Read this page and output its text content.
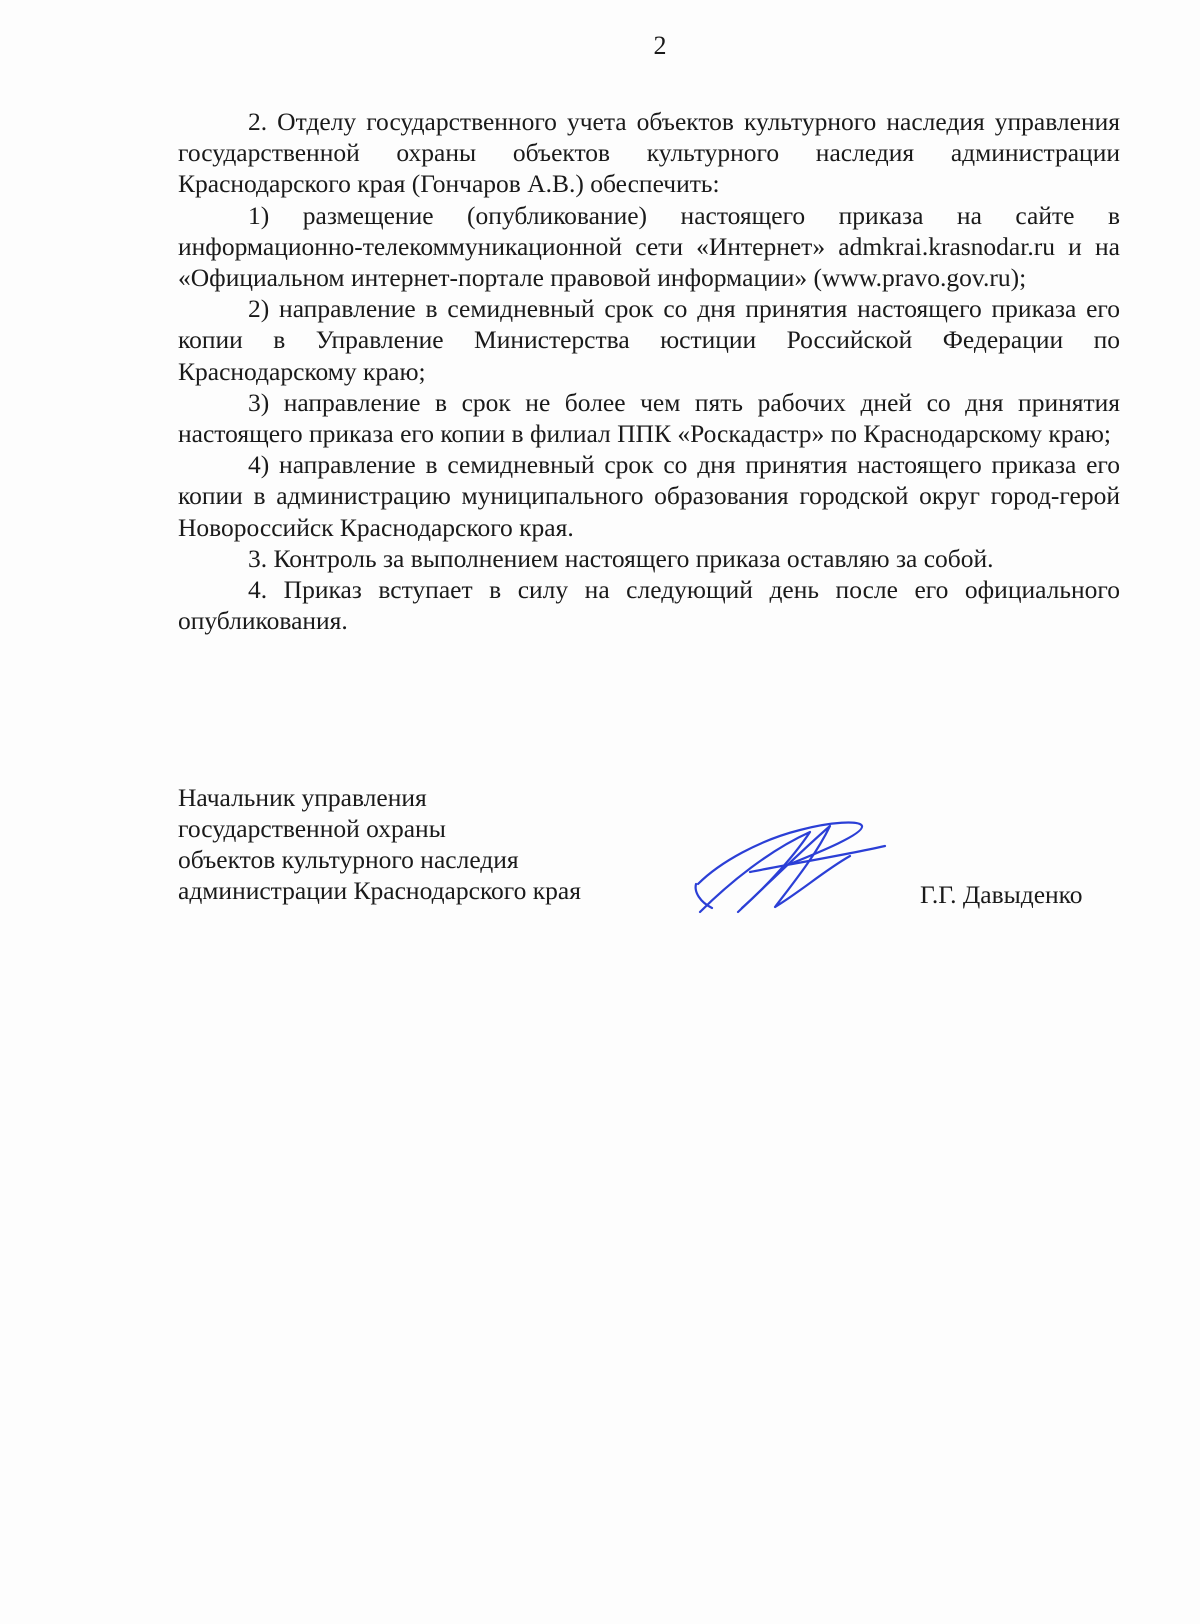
2

2. Отделу государственного учета объектов культурного наследия управления государственной охраны объектов культурного наследия администрации Краснодарского края (Гончаров А.В.) обеспечить:

1) размещение (опубликование) настоящего приказа на сайте в информационно-телекоммуникационной сети «Интернет» admkrai.krasnodar.ru и на «Официальном интернет-портале правовой информации» (www.pravo.gov.ru);

2) направление в семидневный срок со дня принятия настоящего приказа его копии в Управление Министерства юстиции Российской Федерации по Краснодарскому краю;

3) направление в срок не более чем пять рабочих дней со дня принятия настоящего приказа его копии в филиал ППК «Роскадастр» по Краснодарскому краю;

4) направление в семидневный срок со дня принятия настоящего приказа его копии в администрацию муниципального образования городской округ город-герой Новороссийск Краснодарского края.

3. Контроль за выполнением настоящего приказа оставляю за собой.

4. Приказ вступает в силу на следующий день после его официального опубликования.

Начальник управления
государственной охраны
объектов культурного наследия
администрации Краснодарского края	Г.Г. Давыденко
